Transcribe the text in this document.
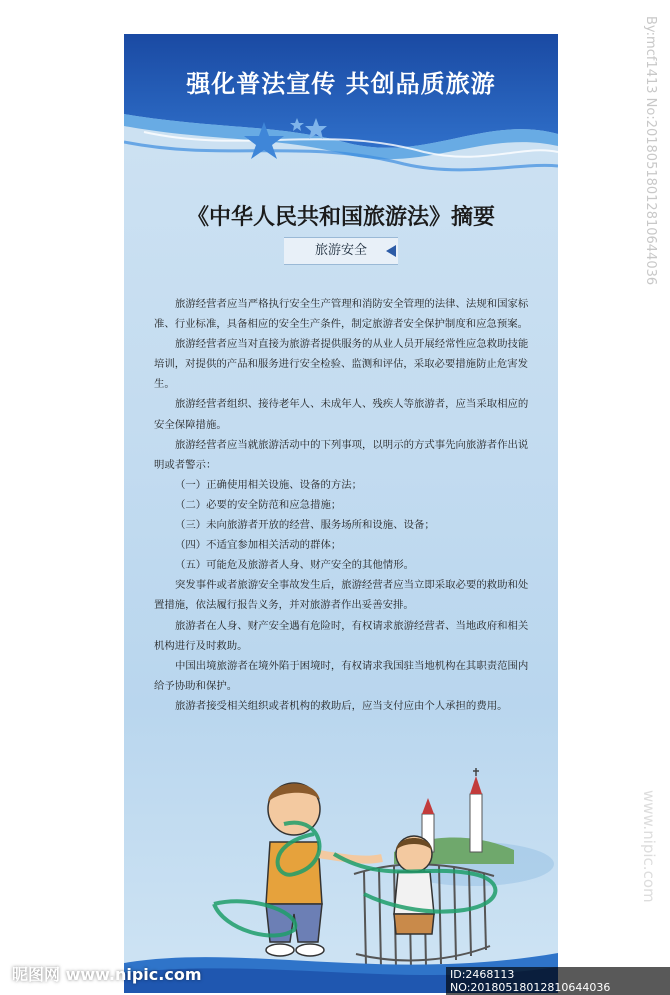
强化普法宣传 共创品质旅游
《中华人民共和国旅游法》摘要
旅游安全

旅游经营者应当严格执行安全生产管理和消防安全管理的法律、法规和国家标准、行业标准，具备相应的安全生产条件，制定旅游者安全保护制度和应急预案。

旅游经营者应当对直接为旅游者提供服务的从业人员开展经常性应急救助技能培训，对提供的产品和服务进行安全检验、监测和评估，采取必要措施防止危害发生。

旅游经营者组织、接待老年人、未成年人、残疾人等旅游者，应当采取相应的安全保障措施。

旅游经营者应当就旅游活动中的下列事项，以明示的方式事先向旅游者作出说明或者警示：

（一）正确使用相关设施、设备的方法；

（二）必要的安全防范和应急措施；

（三）未向旅游者开放的经营、服务场所和设施、设备；

（四）不适宜参加相关活动的群体；

（五）可能危及旅游者人身、财产安全的其他情形。

突发事件或者旅游安全事故发生后，旅游经营者应当立即采取必要的救助和处置措施，依法履行报告义务，并对旅游者作出妥善安排。

旅游者在人身、财产安全遇有危险时，有权请求旅游经营者、当地政府和相关机构进行及时救助。

中国出境旅游者在境外陷于困境时，有权请求我国驻当地机构在其职责范围内给予协助和保护。

旅游者接受相关组织或者机构的救助后，应当支付应由个人承担的费用。

By:mcf1413 No:20180518012810644036
www.nipic.com
昵图网 www.nipic.com	ID:2468113 NO:20180518012810644036
